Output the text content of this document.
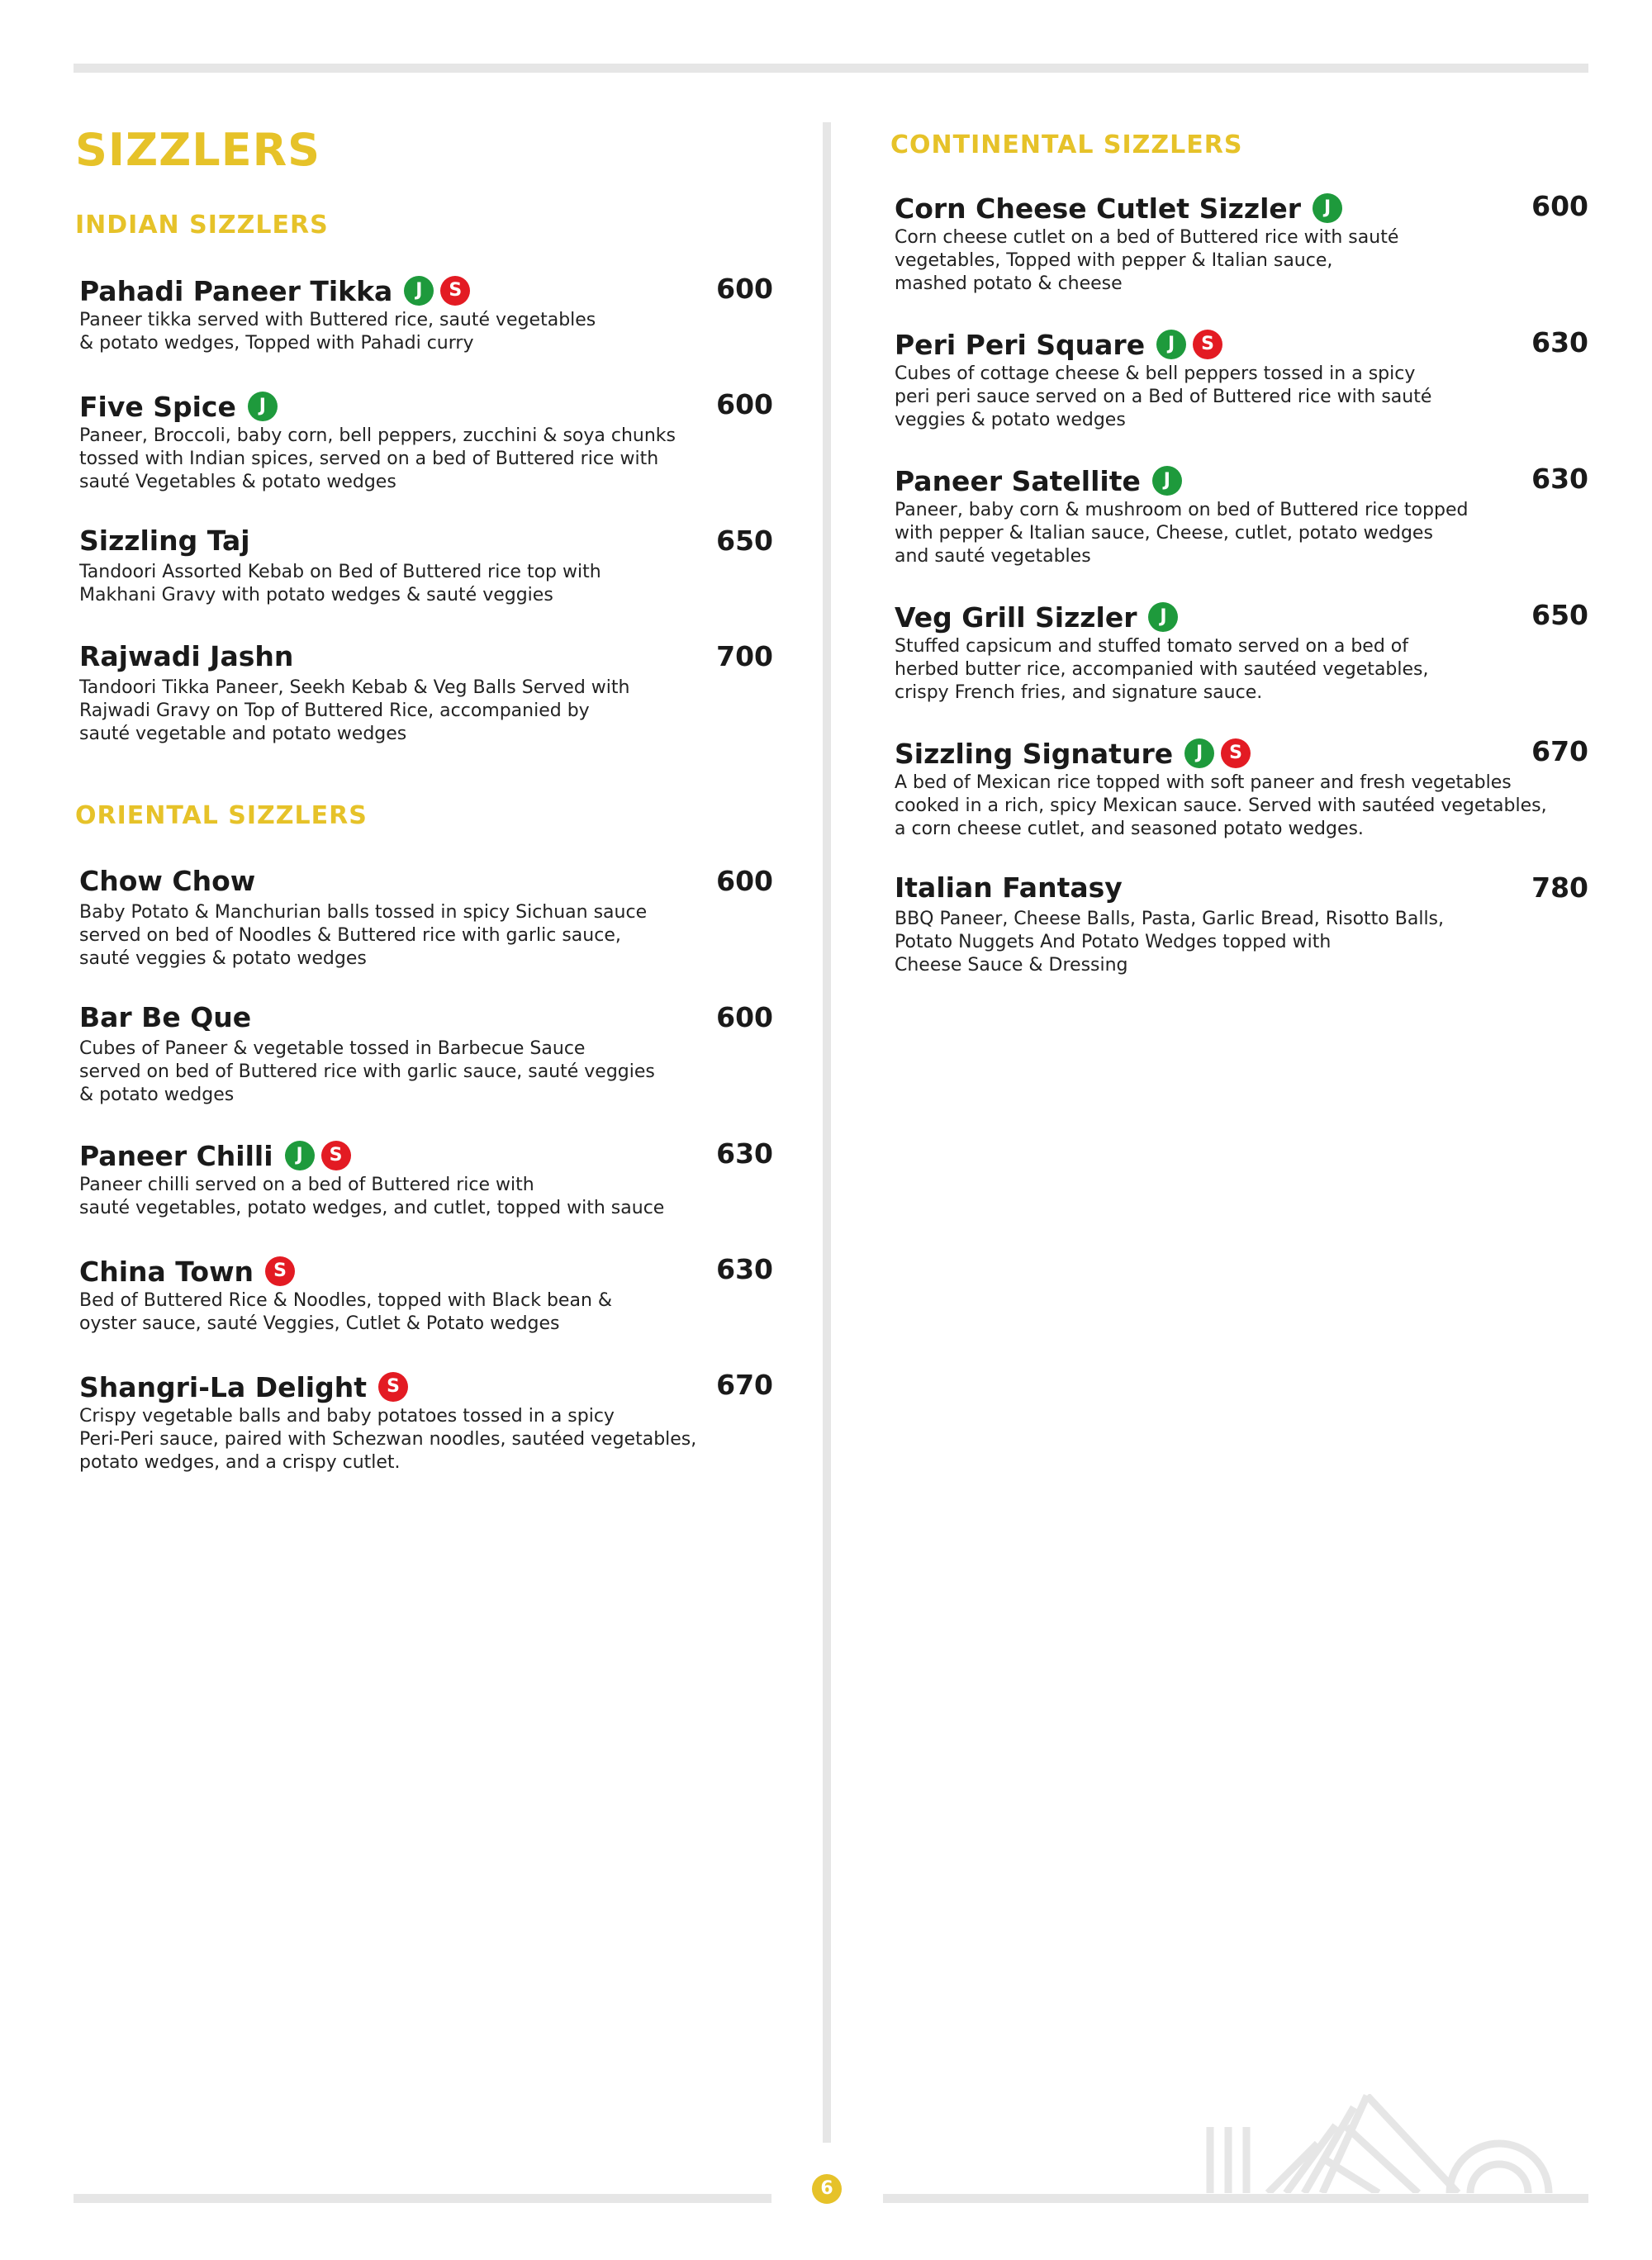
6
SIZZLERS
INDIAN SIZZLERS
ORIENTAL SIZZLERS
CONTINENTAL SIZZLERS
Pahadi Paneer Tikka J S	600
Paneer tikka served with Buttered rice, sauté vegetables
& potato wedges, Topped with Pahadi curry
Five Spice J	600
Paneer, Broccoli, baby corn, bell peppers, zucchini & soya chunks
tossed with Indian spices, served on a bed of Buttered rice with
sauté Vegetables & potato wedges
Sizzling Taj	650
Tandoori Assorted Kebab on Bed of Buttered rice top with
Makhani Gravy with potato wedges & sauté veggies
Rajwadi Jashn	700
Tandoori Tikka Paneer, Seekh Kebab & Veg Balls Served with
Rajwadi Gravy on Top of Buttered Rice, accompanied by
sauté vegetable and potato wedges
Chow Chow	600
Baby Potato & Manchurian balls tossed in spicy Sichuan sauce
served on bed of Noodles & Buttered rice with garlic sauce,
sauté veggies & potato wedges
Bar Be Que	600
Cubes of Paneer & vegetable tossed in Barbecue Sauce
served on bed of Buttered rice with garlic sauce, sauté veggies
& potato wedges
Paneer Chilli J S	630
Paneer chilli served on a bed of Buttered rice with
sauté vegetables, potato wedges, and cutlet, topped with sauce
China Town S	630
Bed of Buttered Rice & Noodles, topped with Black bean &
oyster sauce, sauté Veggies, Cutlet & Potato wedges
Shangri-La Delight S	670
Crispy vegetable balls and baby potatoes tossed in a spicy
Peri-Peri sauce, paired with Schezwan noodles, sautéed vegetables,
potato wedges, and a crispy cutlet.
Corn Cheese Cutlet Sizzler J	600
Corn cheese cutlet on a bed of Buttered rice with sauté
vegetables, Topped with pepper & Italian sauce,
mashed potato & cheese
Peri Peri Square J S	630
Cubes of cottage cheese & bell peppers tossed in a spicy
peri peri sauce served on a Bed of Buttered rice with sauté
veggies & potato wedges
Paneer Satellite J	630
Paneer, baby corn & mushroom on bed of Buttered rice topped
with pepper & Italian sauce, Cheese, cutlet, potato wedges
and sauté vegetables
Veg Grill Sizzler J	650
Stuffed capsicum and stuffed tomato served on a bed of
herbed butter rice, accompanied with sautéed vegetables,
crispy French fries, and signature sauce.
Sizzling Signature J S	670
A bed of Mexican rice topped with soft paneer and fresh vegetables
cooked in a rich, spicy Mexican sauce. Served with sautéed vegetables,
a corn cheese cutlet, and seasoned potato wedges.
Italian Fantasy	780
BBQ Paneer, Cheese Balls, Pasta, Garlic Bread, Risotto Balls,
Potato Nuggets And Potato Wedges topped with
Cheese Sauce & Dressing
